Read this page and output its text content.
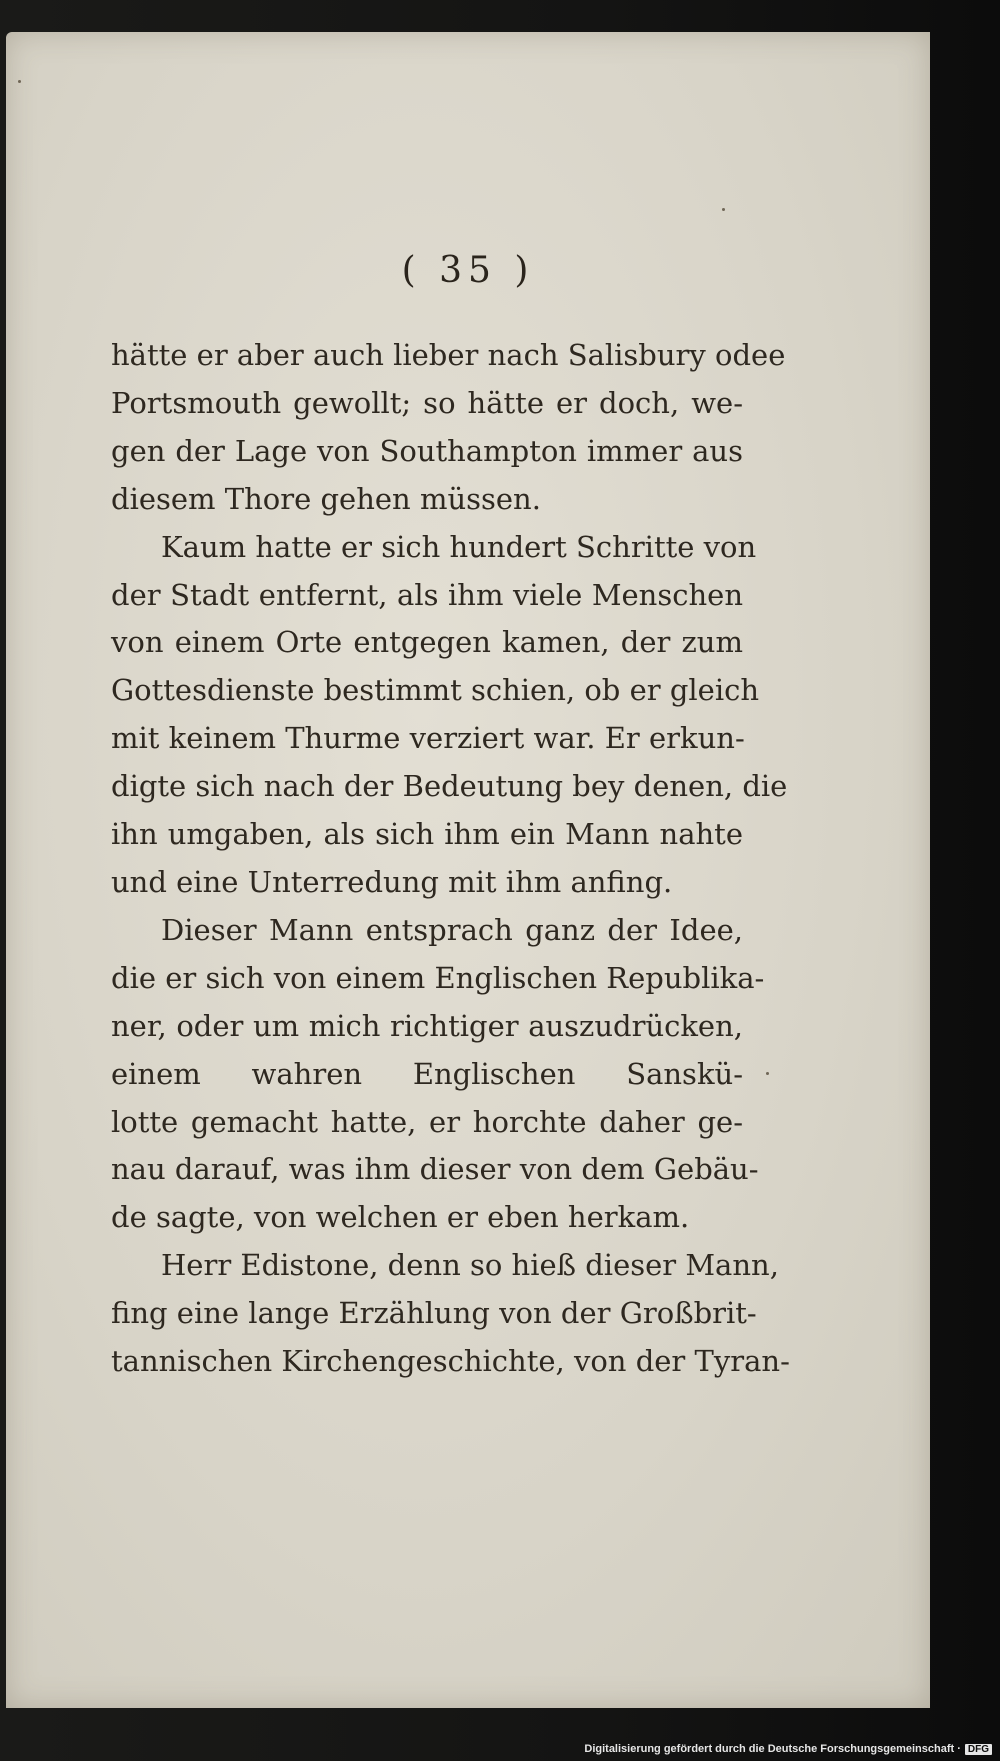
( 35 )
hätte er aber auch lieber nach Salisbury odee
Portsmouth gewollt; so hätte er doch, we-
gen der Lage von Southampton immer aus
diesem Thore gehen müssen.
Kaum hatte er sich hundert Schritte von
der Stadt entfernt, als ihm viele Menschen
von einem Orte entgegen kamen, der zum
Gottesdienste bestimmt schien, ob er gleich
mit keinem Thurme verziert war. Er erkun-
digte sich nach der Bedeutung bey denen, die
ihn umgaben, als sich ihm ein Mann nahte
und eine Unterredung mit ihm anfing.
Dieser Mann entsprach ganz der Idee,
die er sich von einem Englischen Republika-
ner, oder um mich richtiger auszudrücken,
einem wahren Englischen Sanskü-
lotte gemacht hatte, er horchte daher ge-
nau darauf, was ihm dieser von dem Gebäu-
de sagte, von welchen er eben herkam.
Herr Edistone, denn so hieß dieser Mann,
fing eine lange Erzählung von der Großbrit-
tannischen Kirchengeschichte, von der Tyran-
Digitalisierung gefördert durch die Deutsche Forschungsgemeinschaft · DFG
